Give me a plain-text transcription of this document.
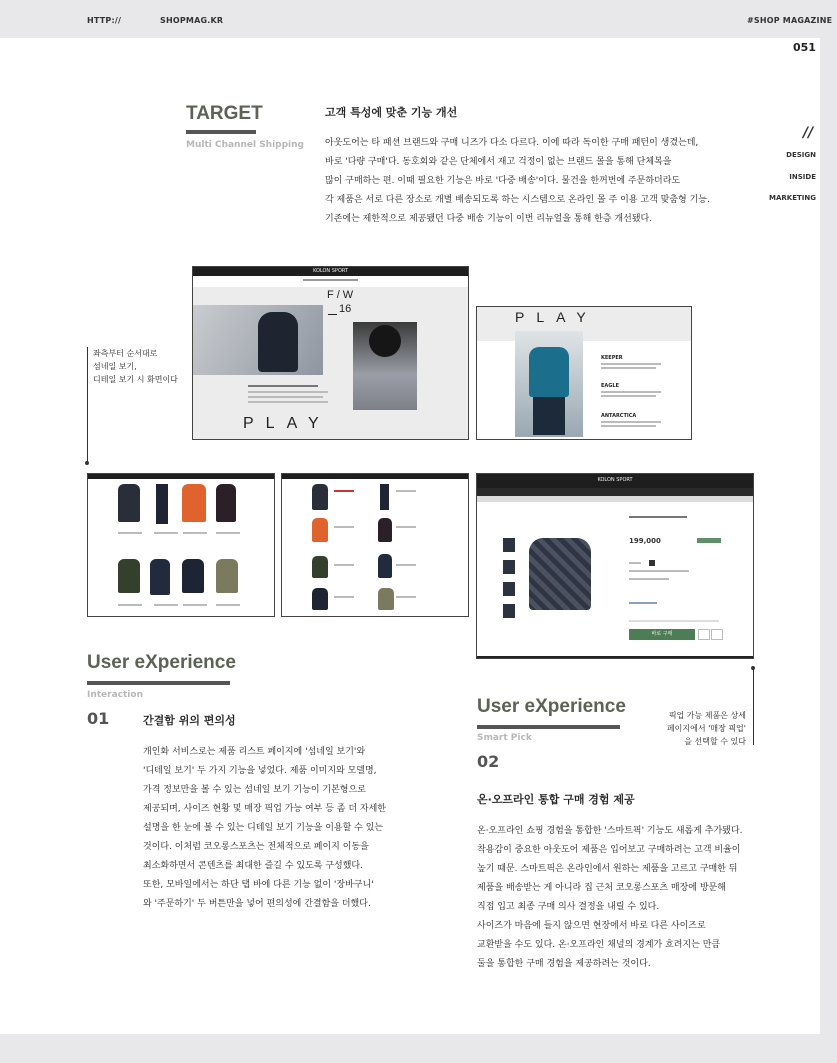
HTTP://	SHOPMAG.KR	#SHOP MAGAZINE
051
//
DESIGN
INSIDE
MARKETING
TARGET
Multi Channel Shipping
고객 특성에 맞춘 기능 개선
아웃도어는 타 패션 브랜드와 구매 니즈가 다소 다르다. 이에 따라 독이한 구매 패턴이 생겼는데,
바로 '다량 구매'다. 동호회와 같은 단체에서 재고 걱정이 없는 브랜드 몰을 통해 단체복을
많이 구매하는 편. 이때 필요한 기능은 바로 '다중 배송'이다. 물건을 한꺼번에 주문하더라도
각 제품은 서로 다른 장소로 개별 배송되도록 하는 시스템으로 온라인 몰 주 이용 고객 맞춤형 기능.
기존에는 제한적으로 제공됐던 다중 배송 기능이 이번 리뉴얼을 통해 한층 개선됐다.
좌측부터 순서대로
섬네일 보기,
디테일 보기 시 화면이다
KOLON SPORT
F/W
16
PLAY
PLAY
KEEPER
EAGLE
ANTARCTICA
KOLON SPORT
199,000
바로 구매
픽업 가능 제품은 상세
페이지에서 '매장 픽업'
을 선택할 수 있다
User eXperience
Interaction
01	간결함 위의 편의성
개인화 서비스로는 제품 리스트 페이지에 '섬네일 보기'와
'디테일 보기' 두 가지 기능을 넣었다. 제품 이미지와 모델명,
가격 정보만을 볼 수 있는 섬네일 보기 기능이 기본형으로
제공되며, 사이즈 현황 및 매장 픽업 가능 여부 등 좀 더 자세한
설명을 한 눈에 볼 수 있는 디테일 보기 기능을 이용할 수 있는
것이다. 이처럼 코오롱스포츠는 전체적으로 페이지 이동을
최소화하면서 콘텐츠를 최대한 즐길 수 있도록 구성했다.
또한, 모바일에서는 하단 탭 바에 다른 기능 없이 '장바구니'
와 '주문하기' 두 버튼만을 넣어 편의성에 간결함을 더했다.
User eXperience
Smart Pick
02
온·오프라인 통합 구매 경험 제공
온·오프라인 쇼핑 경험을 통합한 '스마트픽' 기능도 새롭게 추가됐다.
착용감이 중요한 아웃도어 제품은 입어보고 구매하려는 고객 비율이
높기 때문. 스마트픽은 온라인에서 원하는 제품을 고르고 구매한 뒤
제품을 배송받는 게 아니라 집 근처 코오롱스포츠 매장에 방문해
직접 입고 최종 구매 의사 결정을 내릴 수 있다.
사이즈가 마음에 들지 않으면 현장에서 바로 다른 사이즈로
교환받을 수도 있다. 온·오프라인 채널의 경계가 흐려지는 만큼
둘을 통합한 구매 경험을 제공하려는 것이다.
